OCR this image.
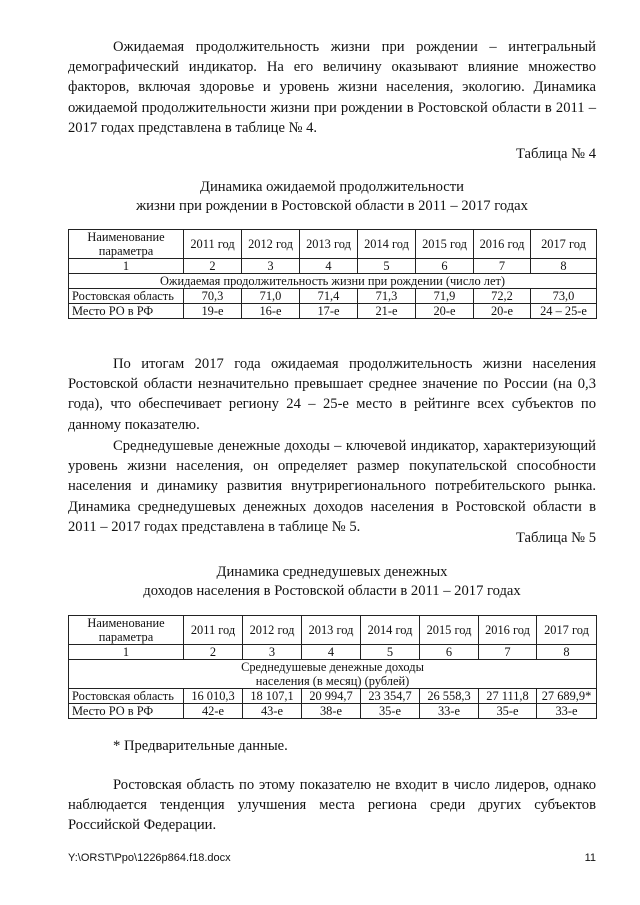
Ожидаемая продолжительность жизни при рождении – интегральный демографический индикатор. На его величину оказывают влияние множество факторов, включая здоровье и уровень жизни населения, экологию. Динамика ожидаемой продолжительности жизни при рождении в Ростовской области в 2011 – 2017 годах представлена в таблице № 4.

Таблица № 4
Динамика ожидаемой продолжительности
жизни при рождении в Ростовской области в 2011 – 2017 годах
Наименование параметра	2011 год	2012 год	2013 год	2014 год	2015 год	2016 год	2017 год
1	2	3	4	5	6	7	8
Ожидаемая продолжительность жизни при рождении (число лет)							
Ростовская область	70,3	71,0	71,4	71,3	71,9	72,2	73,0
Место РО в РФ	19-е	16-е	17-е	21-е	20-е	20-е	24 – 25-е

По итогам 2017 года ожидаемая продолжительность жизни населения Ростовской области незначительно превышает среднее значение по России (на 0,3 года), что обеспечивает региону 24 – 25-е место в рейтинге всех субъектов по данному показателю.

Среднедушевые денежные доходы – ключевой индикатор, характеризующий уровень жизни населения, он определяет размер покупательской способности населения и динамику развития внутрирегионального потребительского рынка. Динамика среднедушевых денежных доходов населения в Ростовской области в 2011 – 2017 годах представлена в таблице № 5.

Таблица № 5
Динамика среднедушевых денежных
доходов населения в Ростовской области в 2011 – 2017 годах
Наименование параметра	2011 год	2012 год	2013 год	2014 год	2015 год	2016 год	2017 год
1	2	3	4	5	6	7	8
Среднедушевые денежные доходы населения (в месяц) (рублей)							
Ростовская область	16 010,3	18 107,1	20 994,7	23 354,7	26 558,3	27 111,8	27 689,9*
Место РО в РФ	42-е	43-е	38-е	35-е	33-е	35-е	33-е
* Предварительные данные.

Ростовская область по этому показателю не входит в число лидеров, однако наблюдается тенденция улучшения места региона среди других субъектов Российской Федерации.

Y:\ORST\Ppo\1226p864.f18.docx	11
